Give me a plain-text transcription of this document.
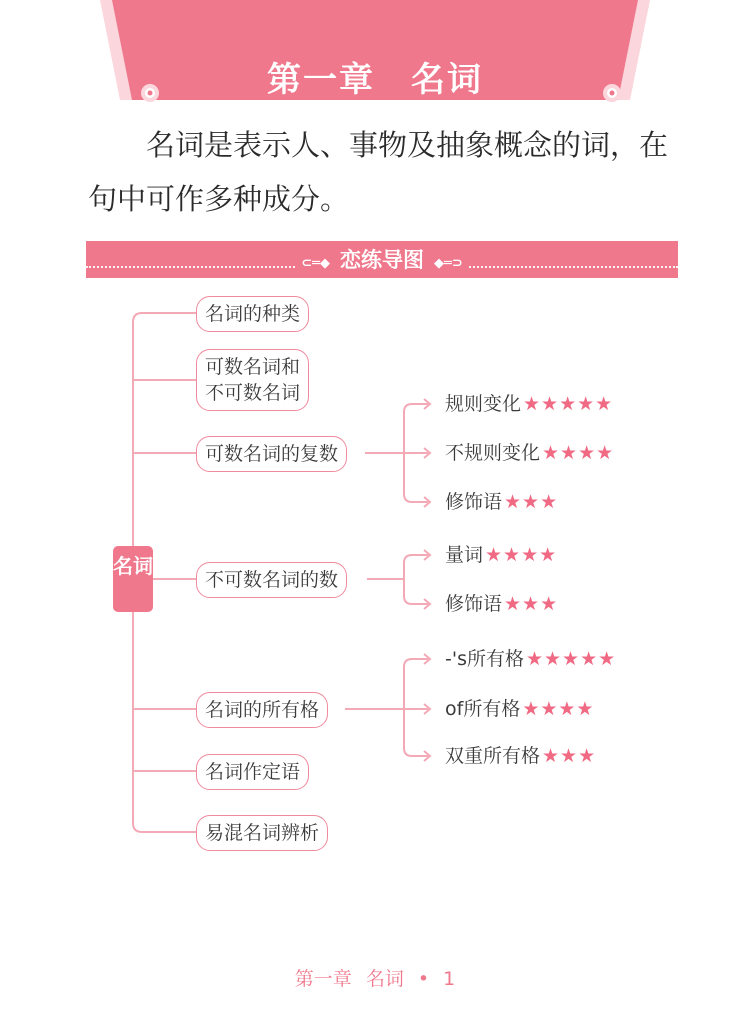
第一章　名词
名词是表示人、事物及抽象概念的词，在
句中可作多种成分。
⊂═◆ 恋练导图 ◆═⊃
名词
名词的种类
可数名词和
不可数名词
可数名词的复数
不可数名词的数
名词的所有格
名词作定语
易混名词辨析
规则变化 ★★★★★
不规则变化 ★★★★
修饰语 ★★★
量词 ★★★★
修饰语 ★★★
-'s所有格 ★★★★★
of所有格 ★★★★
双重所有格 ★★★
第一章 名词 • 1
